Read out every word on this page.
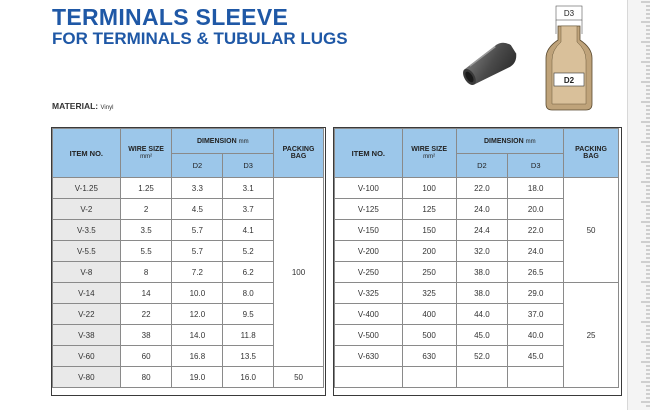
TERMINALS SLEEVE
FOR TERMINALS & TUBULAR LUGS
MATERIAL: Vinyl
D3
D2
ITEM NO.	WIRE SIZE
mm²	DIMENSION mm		PACKING
BAG
		D2	D3	
V-1.25	1.25	3.3	3.1	100
V-2	2	4.5	3.7	
V-3.5	3.5	5.7	4.1	
V-5.5	5.5	5.7	5.2	
V-8	8	7.2	6.2	
V-14	14	10.0	8.0	
V-22	22	12.0	9.5	
V-38	38	14.0	11.8	
V-60	60	16.8	13.5	
V-80	80	19.0	16.0	50
ITEM NO.	WIRE SIZE
mm²	DIMENSION mm		PACKING
BAG
		D2	D3	
V-100	100	22.0	18.0	50
V-125	125	24.0	20.0	
V-150	150	24.4	22.0	
V-200	200	32.0	24.0	
V-250	250	38.0	26.5	
V-325	325	38.0	29.0	25
V-400	400	44.0	37.0	
V-500	500	45.0	40.0	
V-630	630	52.0	45.0	
